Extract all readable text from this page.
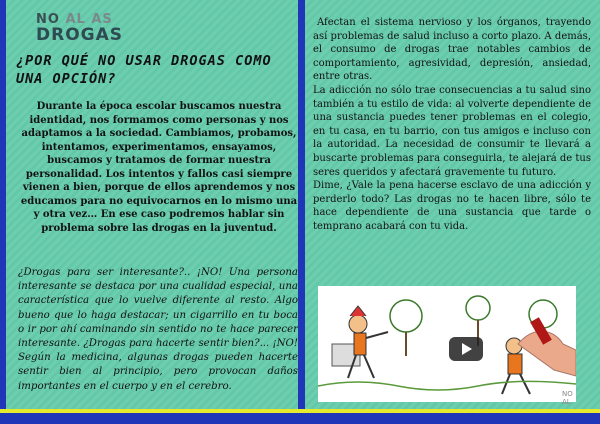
NO AL AS
DROGAS
¿POR QUÉ NO USAR DROGAS COMO UNA OPCIÓN?
Durante la época escolar buscamos nuestra identidad, nos formamos como personas y nos adaptamos a la sociedad. Cambiamos, probamos, intentamos, experimentamos, ensayamos, buscamos y tratamos de formar nuestra personalidad. Los intentos y fallos casi siempre vienen a bien, porque de ellos aprendemos y nos educamos para no equivocarnos en lo mismo una y otra vez… En ese caso podremos hablar sin problema sobre las drogas en la juventud.
¿Drogas para ser interesante?.. ¡NO! Una persona interesante se destaca por una cualidad especial, una característica que lo vuelve diferente al resto. Algo bueno que lo haga destacar; un cigarrillo en tu boca o ir por ahí caminando sin sentido no te hace parecer interesante. ¿Drogas para hacerte sentir bien?... ¡NO! Según la medicina, algunas drogas pueden hacerte sentir bien al principio, pero provocan daños importantes en el cuerpo y en el cerebro.

Afectan el sistema nervioso y los órganos, trayendo así problemas de salud incluso a corto plazo. A demás, el consumo de drogas trae notables cambios de comportamiento, agresividad, depresión, ansiedad, entre otras.

La adicción no sólo trae consecuencias a tu salud sino también a tu estilo de vida: al volverte dependiente de una sustancia puedes tener problemas en el colegio, en tu casa, en tu barrio, con tus amigos e incluso con la autoridad. La necesidad de consumir te llevará a buscarte problemas para conseguirla, te alejará de tus seres queridos y afectará gravemente tu futuro.

Dime, ¿Vale la pena hacerse esclavo de una adicción y perderlo todo? Las drogas no te hacen libre, sólo te hace dependiente de una sustancia que tarde o temprano acabará con tu vida.

NO AL
